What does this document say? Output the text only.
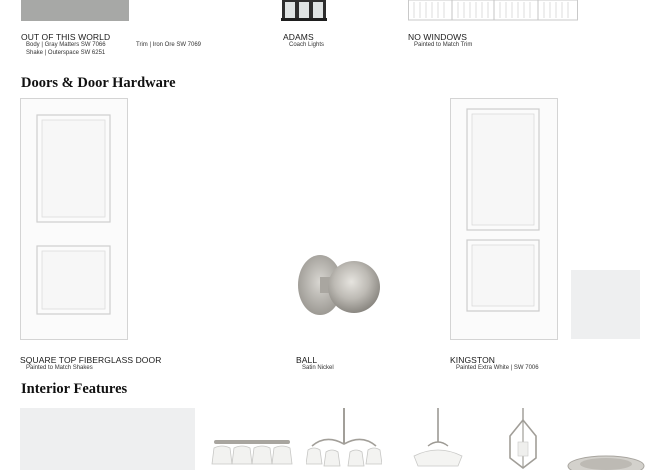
OUT OF THIS WORLD
Body | Gray Matters SW 7066	Trim | Iron Ore SW 7069
Shake | Outerspace SW 6251
ADAMS
Coach Lights
NO WINDOWS
Painted to Match Trim
Doors & Door Hardware
SQUARE TOP FIBERGLASS DOOR
Painted to Match Shakes
BALL
Satin Nickel
KINGSTON
Painted Extra White | SW 7006
Interior Features
